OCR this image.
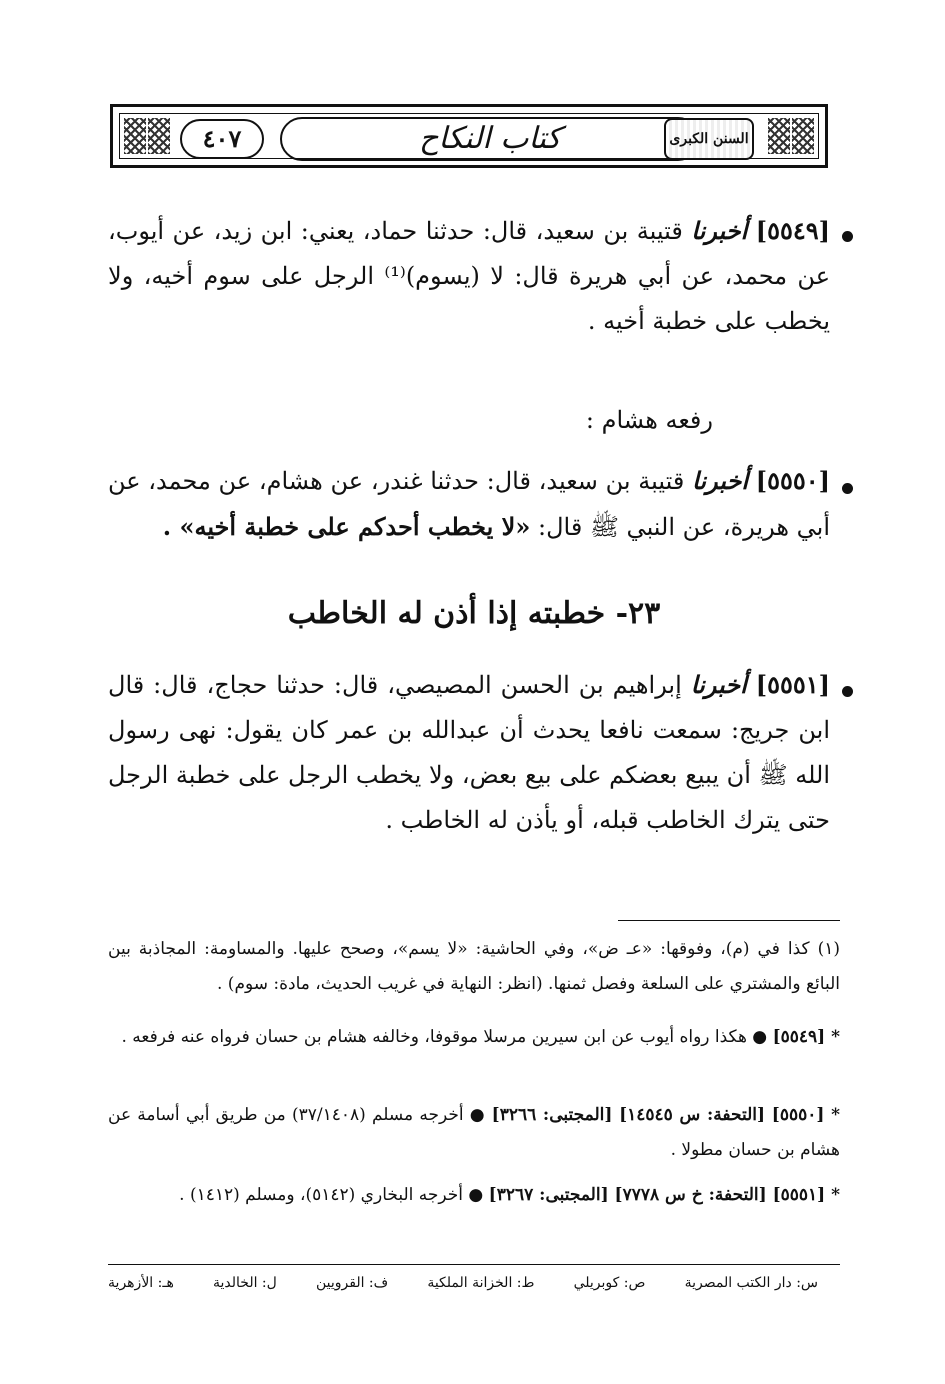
٤٠٧	كتاب النكاح	السنن الكبرى
[٥٥٤٩] أخبرنا قتيبة بن سعيد، قال: حدثنا حماد، يعني: ابن زيد، عن أيوب، عن محمد، عن أبي هريرة قال: لا (يسوم)⁽¹⁾ الرجل على سوم أخيه، ولا يخطب على خطبة أخيه .
رفعه هشام :
[٥٥٥٠] أخبرنا قتيبة بن سعيد، قال: حدثنا غندر، عن هشام، عن محمد، عن أبي هريرة، عن النبي ﷺ قال: «لا يخطب أحدكم على خطبة أخيه» .
٢٣- خطبته إذا أذن له الخاطب
[٥٥٥١] أخبرنا إبراهيم بن الحسن المصيصي، قال: حدثنا حجاج، قال: قال ابن جريج: سمعت نافعا يحدث أن عبدالله بن عمر كان يقول: نهى رسول الله ﷺ أن يبيع بعضكم على بيع بعض، ولا يخطب الرجل على خطبة الرجل حتى يترك الخاطب قبله، أو يأذن له الخاطب .
(١) كذا في (م)، وفوقها: «عـ ض»، وفي الحاشية: «لا يسم»، وصحح عليها. والمساومة: المجاذبة بين البائع والمشتري على السلعة وفصل ثمنها. (انظر: النهاية في غريب الحديث، مادة: سوم) .
* [٥٥٤٩] ● هكذا رواه أيوب عن ابن سيرين مرسلا موقوفا، وخالفه هشام بن حسان فرواه عنه فرفعه .
* [٥٥٥٠] [التحفة: س ١٤٥٤٥] [المجتبى: ٣٢٦٦] ● أخرجه مسلم (٣٧/١٤٠٨) من طريق أبي أسامة عن هشام بن حسان مطولا .
* [٥٥٥١] [التحفة: خ س ٧٧٧٨] [المجتبى: ٣٢٦٧] ● أخرجه البخاري (٥١٤٢)، ومسلم (١٤١٢) .
س: دار الكتب المصرية
ص: كوبريلي
ط: الخزانة الملكية
ف: القرويين
ل: الخالدية
هـ: الأزهرية
